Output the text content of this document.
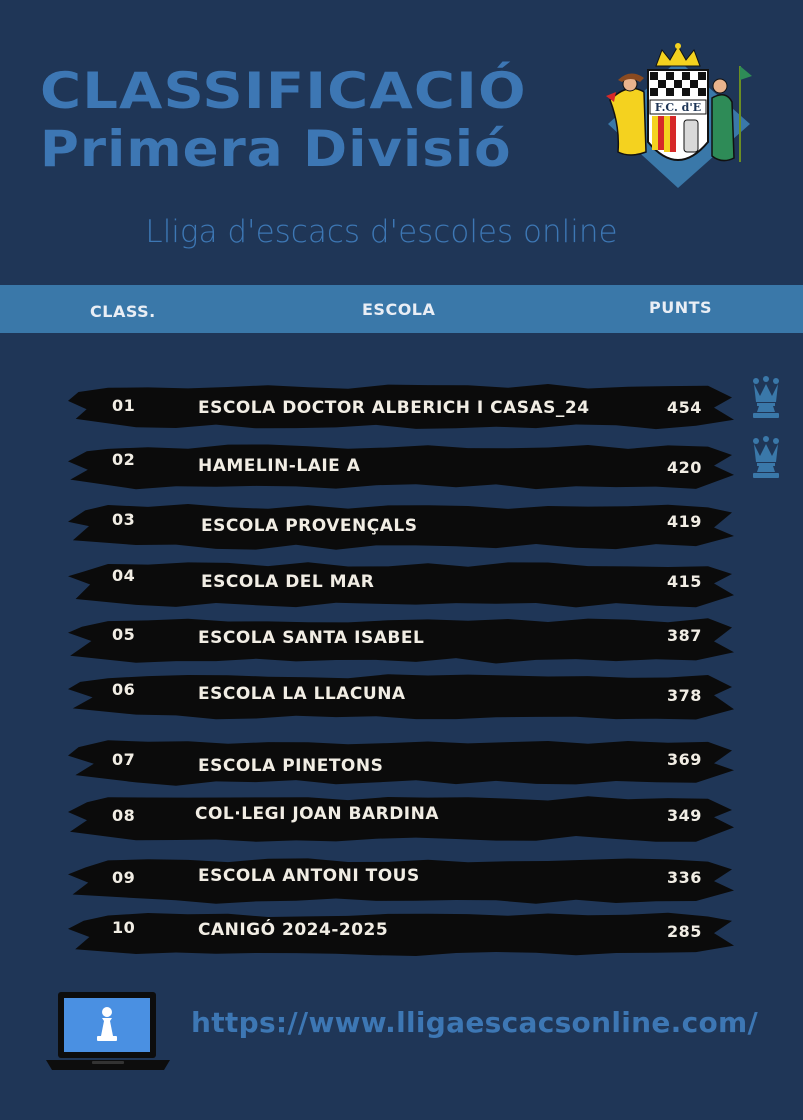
CLASSIFICACIÓ
Primera Divisió
F.C. d'E
Lliga d'escacs d'escoles online
CLASS.	ESCOLA	PUNTS
01	ESCOLA DOCTOR ALBERICH I CASAS_24	454
02	HAMELIN-LAIE A	420
03	ESCOLA PROVENÇALS	419
04	ESCOLA DEL MAR	415
05	ESCOLA SANTA ISABEL	387
06	ESCOLA LA LLACUNA	378
07	ESCOLA PINETONS	369
08	COL·LEGI JOAN BARDINA	349
09	ESCOLA ANTONI TOUS	336
10	CANIGÓ 2024-2025	285
https://www.lligaescacsonline.com/
